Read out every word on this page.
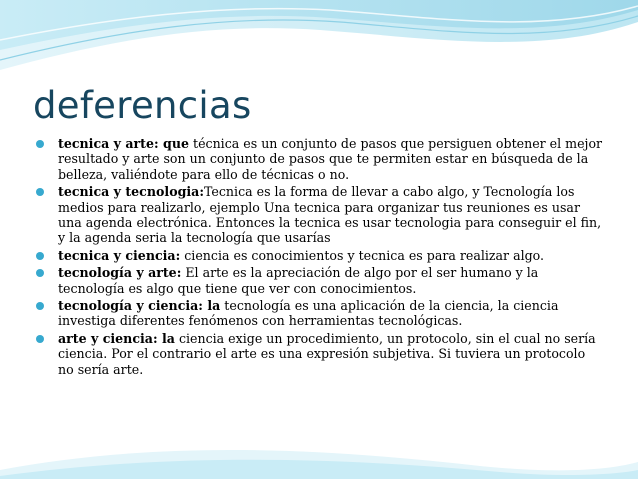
deferencias
tecnica y arte: que técnica es un conjunto de pasos que persiguen obtener el mejor resultado y arte son un conjunto de pasos que te permiten estar en búsqueda de la belleza, valiéndote para ello de técnicas o no.
tecnica y tecnologia:Tecnica es la forma de llevar a cabo algo, y Tecnología los medios para realizarlo, ejemplo Una tecnica para organizar tus reuniones es usar una agenda electrónica. Entonces la tecnica es usar tecnologia para conseguir el fin, y la agenda seria la tecnología que usarías
tecnica y ciencia: ciencia es conocimientos y tecnica es para realizar algo.
tecnología y arte: El arte es la apreciación de algo por el ser humano y la tecnología es algo que tiene que ver con conocimientos.
tecnología y ciencia: la tecnología es una aplicación de la ciencia, la ciencia investiga diferentes fenómenos con herramientas tecnológicas.
arte y ciencia: la ciencia exige un procedimiento, un protocolo, sin el cual no sería ciencia. Por el contrario el arte es una expresión subjetiva. Si tuviera un protocolo no sería arte.
